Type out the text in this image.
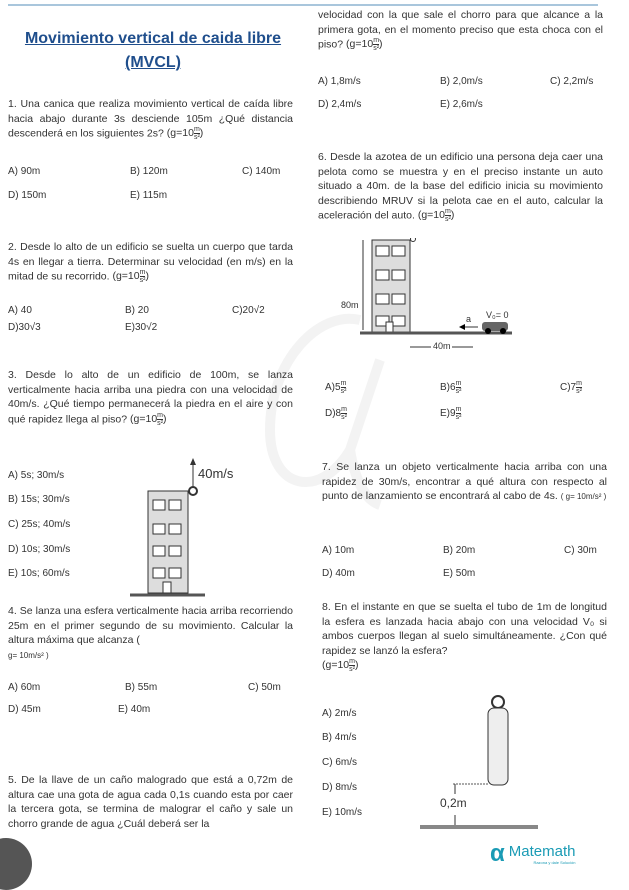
Movimiento vertical de caida libre
(MVCL)
1. Una canica que realiza movimiento vertical de caída libre hacia abajo durante 3s desciende 105m ¿Qué distancia descenderá en los siguientes 2s? ($g=10 \frac{m}{\text{s²}}$ )
A) 90m	B) 120m	C) 140m
D) 150m	E) 115m
2. Desde lo alto de un edificio se suelta un cuerpo que tarda 4s en llegar a tierra. Determinar su velocidad (en m/s) en la mitad de su recorrido. ($g=10 \frac{m}{\text{s²}}$ )
A) 40	B) 20	C)20√2
D)30√3	E)30√2
3. Desde lo alto de un edificio de 100m, se lanza verticalmente hacia arriba una piedra con una velocidad de 40m/s. ¿Qué tiempo permanecerá la piedra en el aire y con qué rapidez llega al piso? ($g=10 \frac{m}{\text{s²}}$ )
A) 5s; 30m/s
B) 15s; 30m/s
C) 25s; 40m/s
D) 10s; 30m/s
E) 10s; 60m/s
40m/s
4. Se lanza una esfera verticalmente hacia arriba recorriendo 25m en el primer segundo de su movimiento. Calcular la altura máxima que alcanza (
g= 10m/s² )
A) 60m	B) 55m	C) 50m
D) 45m	E) 40m
5. De la llave de un caño malogrado que está a 0,72m de altura cae una gota de agua cada 0,1s cuando esta por caer la tercera gota, se termina de malograr el caño y sale un chorro grande de agua ¿Cuál deberá ser la
velocidad con la que sale el chorro para que alcance a la primera gota, en el momento preciso que esta choca con el piso? ($g=10 \frac{m}{\text{s²}}$ )
A) 1,8m/s	B) 2,0m/s	C) 2,2m/s
D) 2,4m/s	E) 2,6m/s
6. Desde la azotea de un edificio una persona deja caer una pelota como se muestra y en el preciso instante un auto situado a 40m. de la base del edificio inicia su movimiento describiendo MRUV si la pelota cae en el auto, calcular la aceleración del auto. ($g=10 \frac{m}{\text{s²}}$ )
80m
40m
a V₀= 0
$A)5 \frac{m}{\text{s²}}$	$B)6 \frac{m}{\text{s²}}$	$C)7 \frac{m}{\text{s²}}$
$D)8 \frac{m}{\text{s²}}$	$E)9 \frac{m}{\text{s²}}$
7. Se lanza un objeto verticalmente hacia arriba con una rapidez de 30m/s, encontrar a qué altura con respecto al punto de lanzamiento se encontrará al cabo de 4s. ( g= 10m/s² )
A) 10m	B) 20m	C) 30m
D) 40m	E) 50m
8. En el instante en que se suelta el tubo de 1m de longitud la esfera es lanzada hacia abajo con una velocidad V₀ si ambos cuerpos llegan al suelo simultáneamente. ¿Con qué rapidez se lanzó la esfera?
($g=10 \frac{m}{\text{s²}}$ )
A) 2m/s
B) 4m/s
C) 6m/s
D) 8m/s
E) 10m/s
0,2m
α Matemath
Razona y dale Solución
